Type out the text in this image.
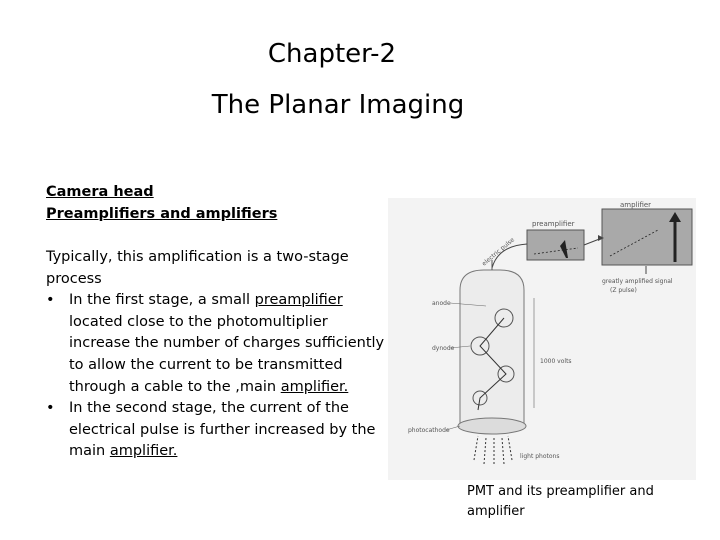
Chapter-2
The Planar Imaging
Camera head
Preamplifiers and amplifiers

Typically, this amplification is a two-stage process

• In the first stage, a small preamplifier located close to the photomultiplier increase the number of charges sufficiently to allow the current to be transmitted through a cable to the ,main amplifier.
• In the second stage, the current of the electrical pulse is further increased by the main amplifier.
preamplifier
amplifier
greatly amplified signal
(Z pulse)
electric pulse
anode
dynode
1000 volts
photocathode
light photons
PMT and its preamplifier and amplifier
